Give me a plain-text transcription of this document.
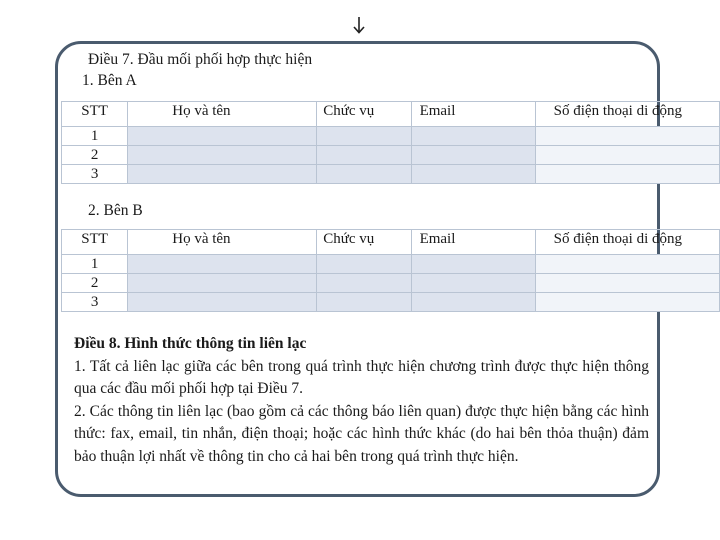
Điều 7. Đầu mối phối hợp thực hiện
1. Bên A
STT	Họ và tên	Chức vụ	Email	Số điện thoại di động
1				
2				
3				
2. Bên B
STT	Họ và tên	Chức vụ	Email	Số điện thoại di động
1				
2				
3				

Điều 8. Hình thức thông tin liên lạc

1. Tất cả liên lạc giữa các bên trong quá trình thực hiện chương trình được thực hiện thông qua các đầu mối phối hợp tại Điều 7.

2. Các thông tin liên lạc (bao gồm cả các thông báo liên quan) được thực hiện bằng các hình thức: fax, email, tin nhắn, điện thoại; hoặc các hình thức khác (do hai bên thỏa thuận) đảm bảo thuận lợi nhất về thông tin cho cả hai bên trong quá trình thực hiện.
